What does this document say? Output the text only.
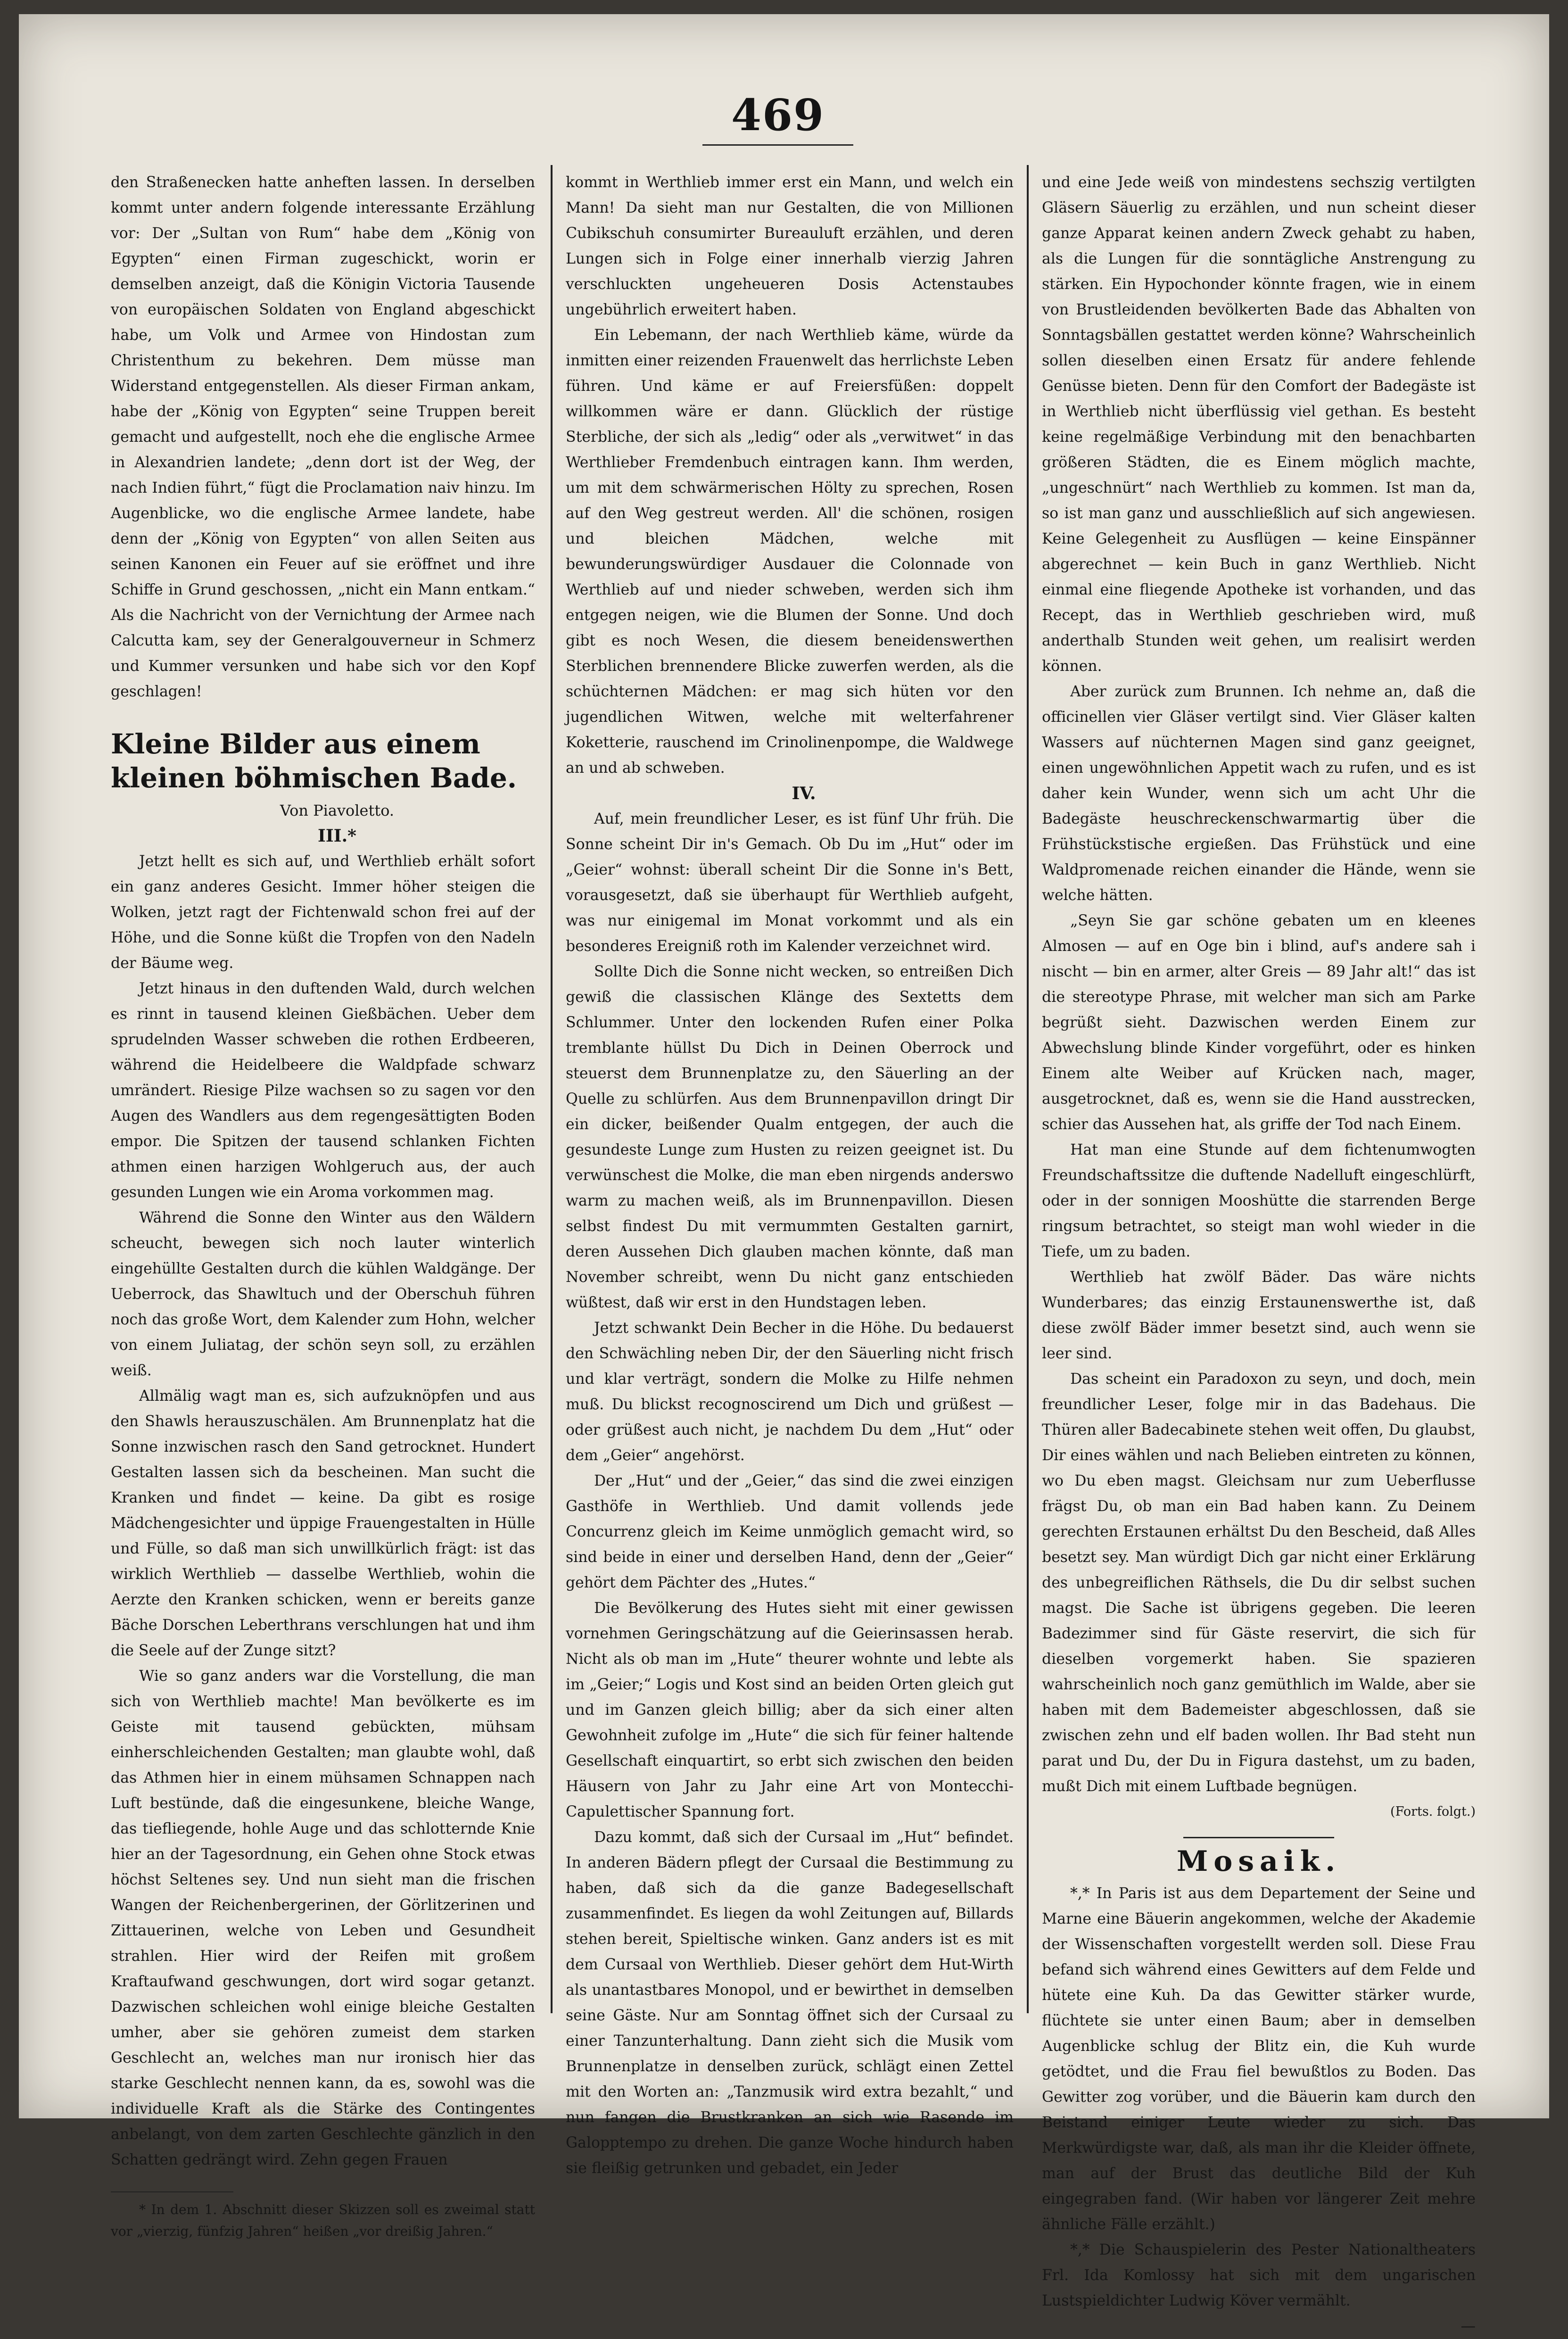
469

den Straßenecken hatte anheften lassen. In derselben kommt unter andern folgende interessante Erzählung vor: Der „Sultan von Rum“ habe dem „König von Egypten“ einen Firman zugeschickt, worin er demselben anzeigt, daß die Königin Victoria Tausende von europäischen Soldaten von England abgeschickt habe, um Volk und Armee von Hindostan zum Christenthum zu bekehren. Dem müsse man Widerstand entgegenstellen. Als dieser Firman ankam, habe der „König von Egypten“ seine Truppen bereit gemacht und aufgestellt, noch ehe die englische Armee in Alexandrien landete; „denn dort ist der Weg, der nach Indien führt,“ fügt die Proclamation naiv hinzu. Im Augenblicke, wo die englische Armee landete, habe denn der „König von Egypten“ von allen Seiten aus seinen Kanonen ein Feuer auf sie eröffnet und ihre Schiffe in Grund geschossen, „nicht ein Mann entkam.“ Als die Nachricht von der Vernichtung der Armee nach Calcutta kam, sey der Generalgouverneur in Schmerz und Kummer versunken und habe sich vor den Kopf geschlagen!

Kleine Bilder aus einem kleinen böhmischen Bade.

Von Piavoletto.

III.*

Jetzt hellt es sich auf, und Werthlieb erhält sofort ein ganz anderes Gesicht. Immer höher steigen die Wolken, jetzt ragt der Fichtenwald schon frei auf der Höhe, und die Sonne küßt die Tropfen von den Nadeln der Bäume weg.

Jetzt hinaus in den duftenden Wald, durch welchen es rinnt in tausend kleinen Gießbächen. Ueber dem sprudelnden Wasser schweben die rothen Erdbeeren, während die Heidelbeere die Waldpfade schwarz umrändert. Riesige Pilze wachsen so zu sagen vor den Augen des Wandlers aus dem regengesättigten Boden empor. Die Spitzen der tausend schlanken Fichten athmen einen harzigen Wohlgeruch aus, der auch gesunden Lungen wie ein Aroma vorkommen mag.

Während die Sonne den Winter aus den Wäldern scheucht, bewegen sich noch lauter winterlich eingehüllte Gestalten durch die kühlen Waldgänge. Der Ueberrock, das Shawltuch und der Oberschuh führen noch das große Wort, dem Kalender zum Hohn, welcher von einem Juliatag, der schön seyn soll, zu erzählen weiß.

Allmälig wagt man es, sich aufzuknöpfen und aus den Shawls herauszuschälen. Am Brunnenplatz hat die Sonne inzwischen rasch den Sand getrocknet. Hundert Gestalten lassen sich da bescheinen. Man sucht die Kranken und findet — keine. Da gibt es rosige Mädchengesichter und üppige Frauengestalten in Hülle und Fülle, so daß man sich unwillkürlich frägt: ist das wirklich Werthlieb — dasselbe Werthlieb, wohin die Aerzte den Kranken schicken, wenn er bereits ganze Bäche Dorschen Leberthrans verschlungen hat und ihm die Seele auf der Zunge sitzt?

Wie so ganz anders war die Vorstellung, die man sich von Werthlieb machte! Man bevölkerte es im Geiste mit tausend gebückten, mühsam einherschleichenden Gestalten; man glaubte wohl, daß das Athmen hier in einem mühsamen Schnappen nach Luft bestünde, daß die eingesunkene, bleiche Wange, das tiefliegende, hohle Auge und das schlotternde Knie hier an der Tagesordnung, ein Gehen ohne Stock etwas höchst Seltenes sey. Und nun sieht man die frischen Wangen der Reichenbergerinen, der Görlitzerinen und Zittauerinen, welche von Leben und Gesundheit strahlen. Hier wird der Reifen mit großem Kraftaufwand geschwungen, dort wird sogar getanzt. Dazwischen schleichen wohl einige bleiche Gestalten umher, aber sie gehören zumeist dem starken Geschlecht an, welches man nur ironisch hier das starke Geschlecht nennen kann, da es, sowohl was die individuelle Kraft als die Stärke des Contingentes anbelangt, von dem zarten Geschlechte gänzlich in den Schatten gedrängt wird. Zehn gegen Frauen

* In dem 1. Abschnitt dieser Skizzen soll es zweimal statt vor „vierzig, fünfzig Jahren“ heißen „vor dreißig Jahren.“

kommt in Werthlieb immer erst ein Mann, und welch ein Mann! Da sieht man nur Gestalten, die von Millionen Cubikschuh consumirter Bureauluft erzählen, und deren Lungen sich in Folge einer innerhalb vierzig Jahren verschluckten ungeheueren Dosis Actenstaubes ungebührlich erweitert haben.

Ein Lebemann, der nach Werthlieb käme, würde da inmitten einer reizenden Frauenwelt das herrlichste Leben führen. Und käme er auf Freiersfüßen: doppelt willkommen wäre er dann. Glücklich der rüstige Sterbliche, der sich als „ledig“ oder als „verwitwet“ in das Werthlieber Fremdenbuch eintragen kann. Ihm werden, um mit dem schwärmerischen Hölty zu sprechen, Rosen auf den Weg gestreut werden. All' die schönen, rosigen und bleichen Mädchen, welche mit bewunderungswürdiger Ausdauer die Colonnade von Werthlieb auf und nieder schweben, werden sich ihm entgegen neigen, wie die Blumen der Sonne. Und doch gibt es noch Wesen, die diesem beneidenswerthen Sterblichen brennendere Blicke zuwerfen werden, als die schüchternen Mädchen: er mag sich hüten vor den jugendlichen Witwen, welche mit welterfahrener Koketterie, rauschend im Crinolinenpompe, die Waldwege an und ab schweben.

IV.

Auf, mein freundlicher Leser, es ist fünf Uhr früh. Die Sonne scheint Dir in's Gemach. Ob Du im „Hut“ oder im „Geier“ wohnst: überall scheint Dir die Sonne in's Bett, vorausgesetzt, daß sie überhaupt für Werthlieb aufgeht, was nur einigemal im Monat vorkommt und als ein besonderes Ereigniß roth im Kalender verzeichnet wird.

Sollte Dich die Sonne nicht wecken, so entreißen Dich gewiß die classischen Klänge des Sextetts dem Schlummer. Unter den lockenden Rufen einer Polka tremblante hüllst Du Dich in Deinen Oberrock und steuerst dem Brunnenplatze zu, den Säuerling an der Quelle zu schlürfen. Aus dem Brunnenpavillon dringt Dir ein dicker, beißender Qualm entgegen, der auch die gesundeste Lunge zum Husten zu reizen geeignet ist. Du verwünschest die Molke, die man eben nirgends anderswo warm zu machen weiß, als im Brunnenpavillon. Diesen selbst findest Du mit vermummten Gestalten garnirt, deren Aussehen Dich glauben machen könnte, daß man November schreibt, wenn Du nicht ganz entschieden wüßtest, daß wir erst in den Hundstagen leben.

Jetzt schwankt Dein Becher in die Höhe. Du bedauerst den Schwächling neben Dir, der den Säuerling nicht frisch und klar verträgt, sondern die Molke zu Hilfe nehmen muß. Du blickst recognoscirend um Dich und grüßest — oder grüßest auch nicht, je nachdem Du dem „Hut“ oder dem „Geier“ angehörst.

Der „Hut“ und der „Geier,“ das sind die zwei einzigen Gasthöfe in Werthlieb. Und damit vollends jede Concurrenz gleich im Keime unmöglich gemacht wird, so sind beide in einer und derselben Hand, denn der „Geier“ gehört dem Pächter des „Hutes.“

Die Bevölkerung des Hutes sieht mit einer gewissen vornehmen Geringschätzung auf die Geierinsassen herab. Nicht als ob man im „Hute“ theurer wohnte und lebte als im „Geier;“ Logis und Kost sind an beiden Orten gleich gut und im Ganzen gleich billig; aber da sich einer alten Gewohnheit zufolge im „Hute“ die sich für feiner haltende Gesellschaft einquartirt, so erbt sich zwischen den beiden Häusern von Jahr zu Jahr eine Art von Montecchi-Capulettischer Spannung fort.

Dazu kommt, daß sich der Cursaal im „Hut“ befindet. In anderen Bädern pflegt der Cursaal die Bestimmung zu haben, daß sich da die ganze Badegesellschaft zusammenfindet. Es liegen da wohl Zeitungen auf, Billards stehen bereit, Spieltische winken. Ganz anders ist es mit dem Cursaal von Werthlieb. Dieser gehört dem Hut-Wirth als unantastbares Monopol, und er bewirthet in demselben seine Gäste. Nur am Sonntag öffnet sich der Cursaal zu einer Tanzunterhaltung. Dann zieht sich die Musik vom Brunnenplatze in denselben zurück, schlägt einen Zettel mit den Worten an: „Tanzmusik wird extra bezahlt,“ und nun fangen die Brustkranken an sich wie Rasende im Galopptempo zu drehen. Die ganze Woche hindurch haben sie fleißig getrunken und gebadet, ein Jeder

und eine Jede weiß von mindestens sechszig vertilgten Gläsern Säuerlig zu erzählen, und nun scheint dieser ganze Apparat keinen andern Zweck gehabt zu haben, als die Lungen für die sonntägliche Anstrengung zu stärken. Ein Hypochonder könnte fragen, wie in einem von Brustleidenden bevölkerten Bade das Abhalten von Sonntagsbällen gestattet werden könne? Wahrscheinlich sollen dieselben einen Ersatz für andere fehlende Genüsse bieten. Denn für den Comfort der Badegäste ist in Werthlieb nicht überflüssig viel gethan. Es besteht keine regelmäßige Verbindung mit den benachbarten größeren Städten, die es Einem möglich machte, „ungeschnürt“ nach Werthlieb zu kommen. Ist man da, so ist man ganz und ausschließlich auf sich angewiesen. Keine Gelegenheit zu Ausflügen — keine Einspänner abgerechnet — kein Buch in ganz Werthlieb. Nicht einmal eine fliegende Apotheke ist vorhanden, und das Recept, das in Werthlieb geschrieben wird, muß anderthalb Stunden weit gehen, um realisirt werden können.

Aber zurück zum Brunnen. Ich nehme an, daß die officinellen vier Gläser vertilgt sind. Vier Gläser kalten Wassers auf nüchternen Magen sind ganz geeignet, einen ungewöhnlichen Appetit wach zu rufen, und es ist daher kein Wunder, wenn sich um acht Uhr die Badegäste heuschreckenschwarmartig über die Frühstückstische ergießen. Das Frühstück und eine Waldpromenade reichen einander die Hände, wenn sie welche hätten.

„Seyn Sie gar schöne gebaten um en kleenes Almosen — auf en Oge bin i blind, auf's andere sah i nischt — bin en armer, alter Greis — 89 Jahr alt!“ das ist die stereotype Phrase, mit welcher man sich am Parke begrüßt sieht. Dazwischen werden Einem zur Abwechslung blinde Kinder vorgeführt, oder es hinken Einem alte Weiber auf Krücken nach, mager, ausgetrocknet, daß es, wenn sie die Hand ausstrecken, schier das Aussehen hat, als griffe der Tod nach Einem.

Hat man eine Stunde auf dem fichtenumwogten Freundschaftssitze die duftende Nadelluft eingeschlürft, oder in der sonnigen Mooshütte die starrenden Berge ringsum betrachtet, so steigt man wohl wieder in die Tiefe, um zu baden.

Werthlieb hat zwölf Bäder. Das wäre nichts Wunderbares; das einzig Erstaunenswerthe ist, daß diese zwölf Bäder immer besetzt sind, auch wenn sie leer sind.

Das scheint ein Paradoxon zu seyn, und doch, mein freundlicher Leser, folge mir in das Badehaus. Die Thüren aller Badecabinete stehen weit offen, Du glaubst, Dir eines wählen und nach Belieben eintreten zu können, wo Du eben magst. Gleichsam nur zum Ueberflusse frägst Du, ob man ein Bad haben kann. Zu Deinem gerechten Erstaunen erhältst Du den Bescheid, daß Alles besetzt sey. Man würdigt Dich gar nicht einer Erklärung des unbegreiflichen Räthsels, die Du dir selbst suchen magst. Die Sache ist übrigens gegeben. Die leeren Badezimmer sind für Gäste reservirt, die sich für dieselben vorgemerkt haben. Sie spazieren wahrscheinlich noch ganz gemüthlich im Walde, aber sie haben mit dem Bademeister abgeschlossen, daß sie zwischen zehn und elf baden wollen. Ihr Bad steht nun parat und Du, der Du in Figura dastehst, um zu baden, mußt Dich mit einem Luftbade begnügen.

(Forts. folgt.)

Mosaik.

*,* In Paris ist aus dem Departement der Seine und Marne eine Bäuerin angekommen, welche der Akademie der Wissenschaften vorgestellt werden soll. Diese Frau befand sich während eines Gewitters auf dem Felde und hütete eine Kuh. Da das Gewitter stärker wurde, flüchtete sie unter einen Baum; aber in demselben Augenblicke schlug der Blitz ein, die Kuh wurde getödtet, und die Frau fiel bewußtlos zu Boden. Das Gewitter zog vorüber, und die Bäuerin kam durch den Beistand einiger Leute wieder zu sich. Das Merkwürdigste war, daß, als man ihr die Kleider öffnete, man auf der Brust das deutliche Bild der Kuh eingegraben fand. (Wir haben vor längerer Zeit mehre ähnliche Fälle erzählt.)

*,* Die Schauspielerin des Pester Nationaltheaters Frl. Ida Komlossy hat sich mit dem ungarischen Lustspieldichter Ludwig Köver vermählt.

—
